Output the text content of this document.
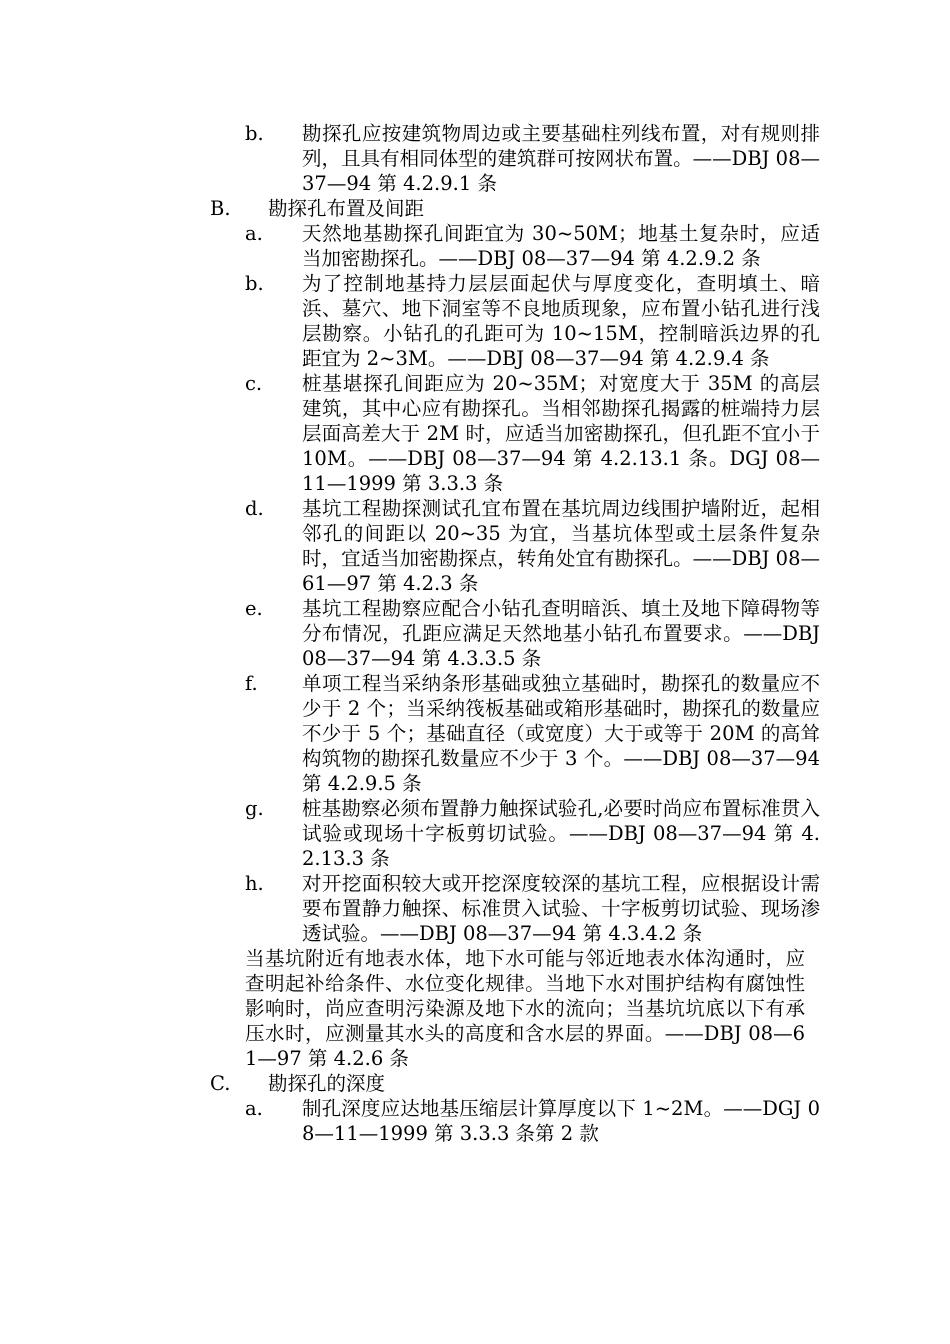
b.	勘探孔应按建筑物周边或主要基础柱列线布置，对有规则排列，且具有相同体型的建筑群可按网状布置。——DBJ 08—37—94 第 4.2.9.1 条
B.	勘探孔布置及间距
a.	天然地基勘探孔间距宜为 30~50M；地基土复杂时，应适当加密勘探孔。——DBJ 08—37—94 第 4.2.9.2 条
b.	为了控制地基持力层层面起伏与厚度变化，查明填土、暗浜、墓穴、地下洞室等不良地质现象，应布置小钻孔进行浅层勘察。小钻孔的孔距可为 10~15M，控制暗浜边界的孔距宜为 2~3M。——DBJ 08—37—94 第 4.2.9.4 条
c.	桩基堪探孔间距应为 20~35M；对宽度大于 35M 的高层建筑，其中心应有勘探孔。当相邻勘探孔揭露的桩端持力层层面高差大于 2M 时，应适当加密勘探孔，但孔距不宜小于 10M。——DBJ 08—37—94 第 4.2.13.1 条。DGJ 08—11—1999 第 3.3.3 条
d.	基坑工程勘探测试孔宜布置在基坑周边线围护墙附近，起相邻孔的间距以 20~35 为宜，当基坑体型或土层条件复杂时，宜适当加密勘探点，转角处宜有勘探孔。——DBJ 08—61—97 第 4.2.3 条
e.	基坑工程勘察应配合小钻孔查明暗浜、填土及地下障碍物等分布情况，孔距应满足天然地基小钻孔布置要求。——DBJ 08—37—94 第 4.3.3.5 条
f.	单项工程当采纳条形基础或独立基础时，勘探孔的数量应不少于 2 个；当采纳筏板基础或箱形基础时，勘探孔的数量应不少于 5 个；基础直径（或宽度）大于或等于 20M 的高耸构筑物的勘探孔数量应不少于 3 个。——DBJ 08—37—94 第 4.2.9.5 条
g.	桩基勘察必须布置静力触探试验孔,必要时尚应布置标准贯入试验或现场十字板剪切试验。——DBJ 08—37—94 第 4.2.13.3 条
h.	对开挖面积较大或开挖深度较深的基坑工程，应根据设计需要布置静力触探、标准贯入试验、十字板剪切试验、现场渗透试验。——DBJ 08—37—94 第 4.3.4.2 条
当基坑附近有地表水体，地下水可能与邻近地表水体沟通时，应查明起补给条件、水位变化规律。当地下水对围护结构有腐蚀性影响时，尚应查明污染源及地下水的流向；当基坑坑底以下有承压水时，应测量其水头的高度和含水层的界面。——DBJ 08—61—97 第 4.2.6 条
C.	勘探孔的深度
a.	制孔深度应达地基压缩层计算厚度以下 1~2M。——DGJ 08—11—1999 第 3.3.3 条第 2 款
